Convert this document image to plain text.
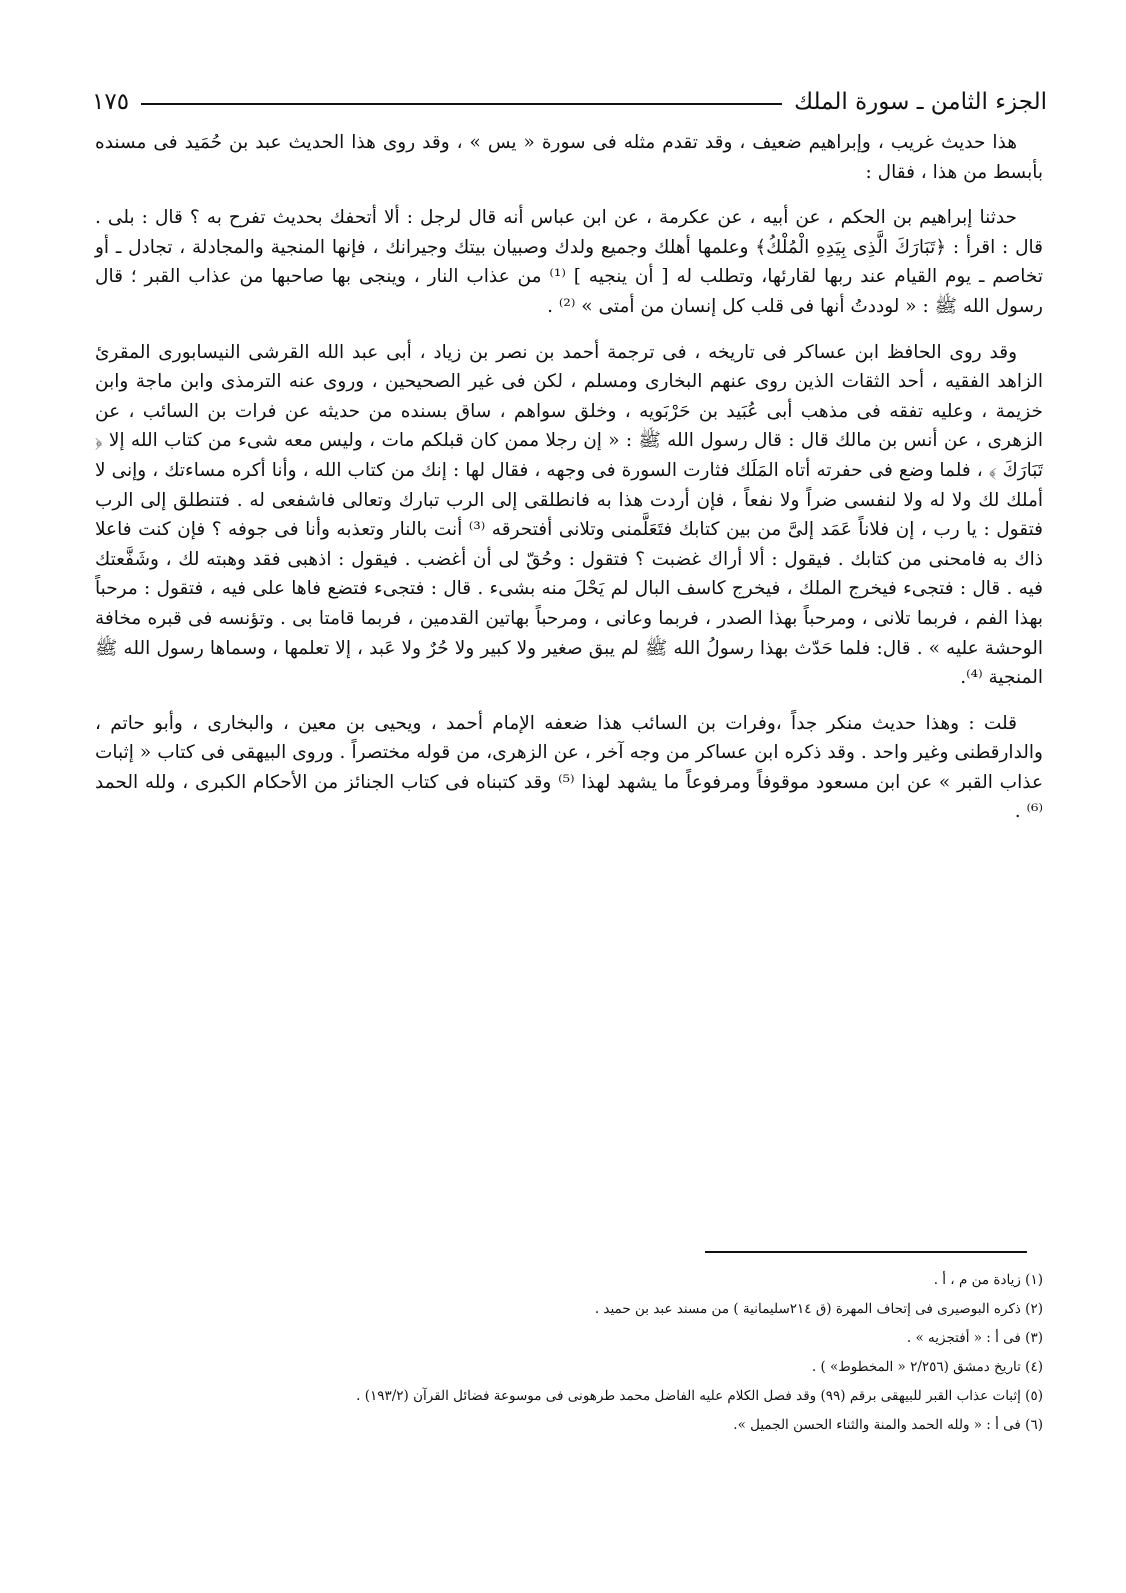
الجزء الثامن ـ سورة الملك
١٧٥

هذا حديث غريب ، وإبراهيم ضعيف ، وقد تقدم مثله فى سورة « يس » ، وقد روى هذا الحديث عبد بن حُمَيد فى مسنده بأبسط من هذا ، فقال :

حدثنا إبراهيم بن الحكم ، عن أبيه ، عن عكرمة ، عن ابن عباس أنه قال لرجل : ألا أتحفك بحديث تفرح به ؟ قال : بلى . قال : اقرأ : ﴿تَبَارَكَ الَّذِى بِيَدِهِ الْمُلْكُ﴾ وعلمها أهلك وجميع ولدك وصبيان بيتك وجيرانك ، فإنها المنجية والمجادلة ، تجادل ـ أو تخاصم ـ يوم القيام عند ربها لقارئها، وتطلب له [ أن ينجيه ] ⁽¹⁾ من عذاب النار ، وينجى بها صاحبها من عذاب القبر ؛ قال رسول الله ﷺ : « لوددتُ أنها فى قلب كل إنسان من أمتى » ⁽²⁾ .

وقد روى الحافظ ابن عساكر فى تاريخه ، فى ترجمة أحمد بن نصر بن زياد ، أبى عبد الله القرشى النيسابورى المقرئ الزاهد الفقيه ، أحد الثقات الذين روى عنهم البخارى ومسلم ، لكن فى غير الصحيحين ، وروى عنه الترمذى وابن ماجة وابن خزيمة ، وعليه تفقه فى مذهب أبى عُبَيد بن حَرْبَويه ، وخلق سواهم ، ساق بسنده من حديثه عن فرات بن السائب ، عن الزهرى ، عن أنس بن مالك قال : قال رسول الله ﷺ : « إن رجلا ممن كان قبلكم مات ، وليس معه شىء من كتاب الله إلا ﴿ تَبَارَكَ ﴾ ، فلما وضع فى حفرته أتاه المَلَك فثارت السورة فى وجهه ، فقال لها : إنك من كتاب الله ، وأنا أكره مساءتك ، وإنى لا أملك لك ولا له ولا لنفسى ضراً ولا نفعاً ، فإن أردت هذا به فانطلقى إلى الرب تبارك وتعالى فاشفعى له . فتنطلق إلى الرب فتقول : يا رب ، إن فلاناً عَمَد إلىَّ من بين كتابك فتَعَلَّمنى وتلانى أفتحرقه ⁽³⁾ أنت بالنار وتعذبه وأنا فى جوفه ؟ فإن كنت فاعلا ذاك به فامحنى من كتابك . فيقول : ألا أراك غضبت ؟ فتقول : وحُقّ لى أن أغضب . فيقول : اذهبى فقد وهبته لك ، وشَفَّعتك فيه . قال : فتجىء فيخرج الملك ، فيخرج كاسف البال لم يَحْلَ منه بشىء . قال : فتجىء فتضع فاها على فيه ، فتقول : مرحباً بهذا الفم ، فربما تلانى ، ومرحباً بهذا الصدر ، فربما وعانى ، ومرحباً بهاتين القدمين ، فربما قامتا بى . وتؤنسه فى قبره مخافة الوحشة عليه » . قال: فلما حَدّث بهذا رسولُ الله ﷺ لم يبق صغير ولا كبير ولا حُرٌ ولا عَبد ، إلا تعلمها ، وسماها رسول الله ﷺ المنجية ⁽⁴⁾.

قلت : وهذا حديث منكر جداً ،وفرات بن السائب هذا ضعفه الإمام أحمد ، ويحيى بن معين ، والبخارى ، وأبو حاتم ، والدارقطنى وغير واحد . وقد ذكره ابن عساكر من وجه آخر ، عن الزهرى، من قوله مختصراً . وروى البيهقى فى كتاب « إثبات عذاب القبر » عن ابن مسعود موقوفاً ومرفوعاً ما يشهد لهذا ⁽⁵⁾ وقد كتبناه فى كتاب الجنائز من الأحكام الكبرى ، ولله الحمد ⁽⁶⁾ .

(١) زيادة من م ، أ .

(٢) ذكره البوصيرى فى إتحاف المهرة (ق ٢١٤سليمانية ) من مسند عبد بن حميد .

(٣) فى أ : « أفتجزيه » .

(٤) تاريخ دمشق (٢/٢٥٦ « المخطوط» ) .

(٥) إثبات عذاب القبر للبيهقى برقم (٩٩) وقد فصل الكلام عليه الفاضل محمد طرهونى فى موسوعة فضائل القرآن (١٩٣/٢) .

(٦) فى أ : « ولله الحمد والمنة والثناء الحسن الجميل ».
